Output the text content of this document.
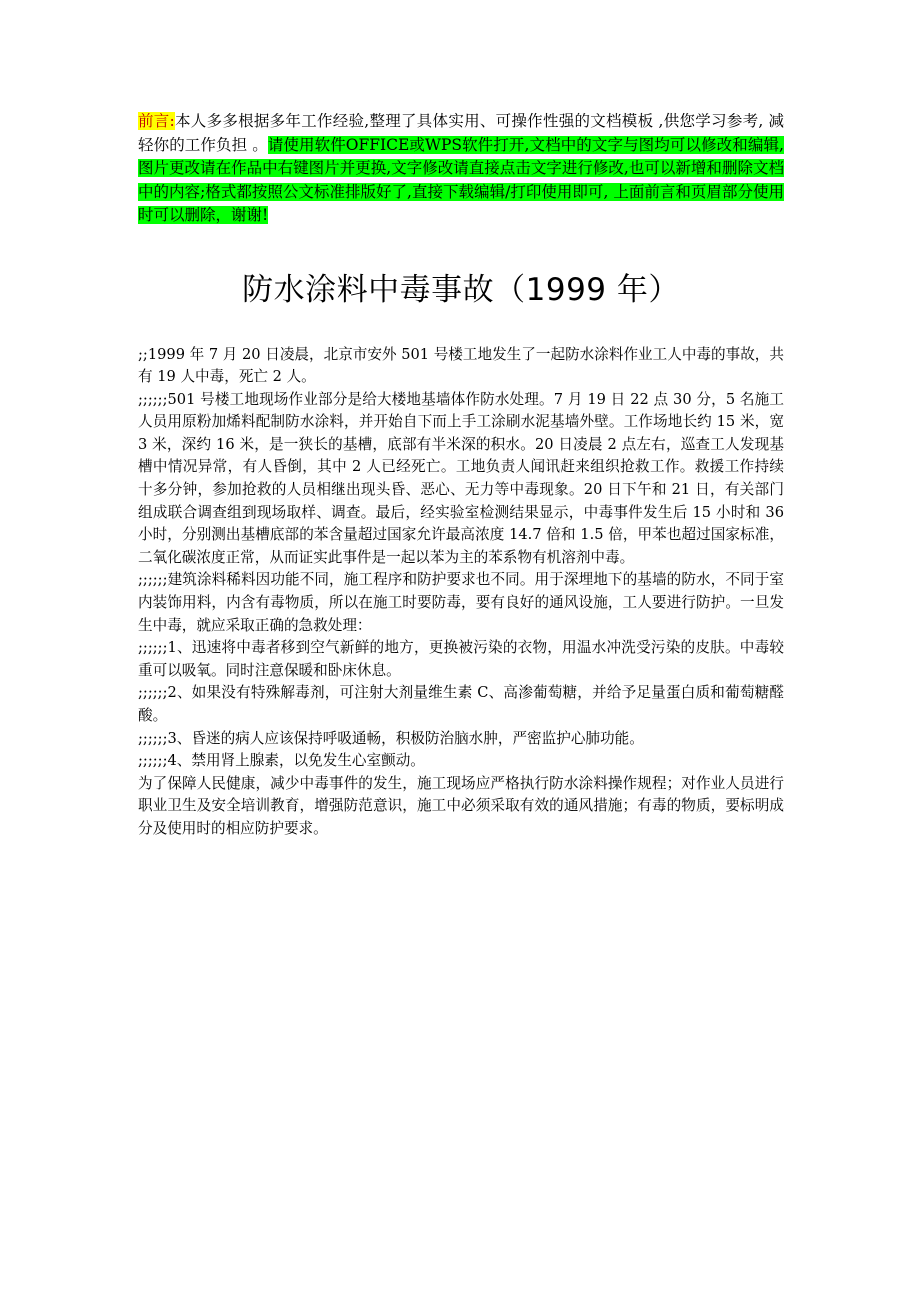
前言:本人多多根据多年工作经验,整理了具体实用、可操作性强的文档模板 ,供您学习参考, 减轻你的工作负担 。请使用软件OFFICE或WPS软件打开,文档中的文字与图均可以修改和编辑,图片更改请在作品中右键图片并更换,文字修改请直接点击文字进行修改,也可以新增和删除文档中的内容;格式都按照公文标准排版好了,直接下载编辑/打印使用即可, 上面前言和页眉部分使用时可以删除，谢谢!

防水涂料中毒事故（1999 年）

;;1999 年 7 月 20 日凌晨，北京市安外 501 号楼工地发生了一起防水涂料作业工人中毒的事故，共有 19 人中毒，死亡 2 人。

;;;;;;501 号楼工地现场作业部分是给大楼地基墙体作防水处理。7 月 19 日 22 点 30 分，5 名施工人员用原粉加烯料配制防水涂料，并开始自下而上手工涂刷水泥基墙外壁。工作场地长约 15 米，宽 3 米，深约 16 米，是一狭长的基槽，底部有半米深的积水。20 日凌晨 2 点左右，巡查工人发现基槽中情况异常，有人昏倒，其中 2 人已经死亡。工地负责人闻讯赶来组织抢救工作。救援工作持续十多分钟，参加抢救的人员相继出现头昏、恶心、无力等中毒现象。20 日下午和 21 日，有关部门组成联合调查组到现场取样、调查。最后，经实验室检测结果显示，中毒事件发生后 15 小时和 36 小时，分别测出基槽底部的苯含量超过国家允许最高浓度 14.7 倍和 1.5 倍，甲苯也超过国家标准，二氧化碳浓度正常，从而证实此事件是一起以苯为主的苯系物有机溶剂中毒。

;;;;;;建筑涂料稀料因功能不同，施工程序和防护要求也不同。用于深埋地下的基墙的防水，不同于室内装饰用料，内含有毒物质，所以在施工时要防毒，要有良好的通风设施，工人要进行防护。一旦发生中毒，就应采取正确的急救处理：

;;;;;;1、迅速将中毒者移到空气新鲜的地方，更换被污染的衣物，用温水冲洗受污染的皮肤。中毒较重可以吸氧。同时注意保暖和卧床休息。

;;;;;;2、如果没有特殊解毒剂，可注射大剂量维生素 C、高渗葡萄糖，并给予足量蛋白质和葡萄糖醛酸。

;;;;;;3、昏迷的病人应该保持呼吸通畅，积极防治脑水肿，严密监护心肺功能。

;;;;;;4、禁用肾上腺素，以免发生心室颤动。

为了保障人民健康，减少中毒事件的发生，施工现场应严格执行防水涂料操作规程；对作业人员进行职业卫生及安全培训教育，增强防范意识，施工中必须采取有效的通风措施；有毒的物质，要标明成分及使用时的相应防护要求。
